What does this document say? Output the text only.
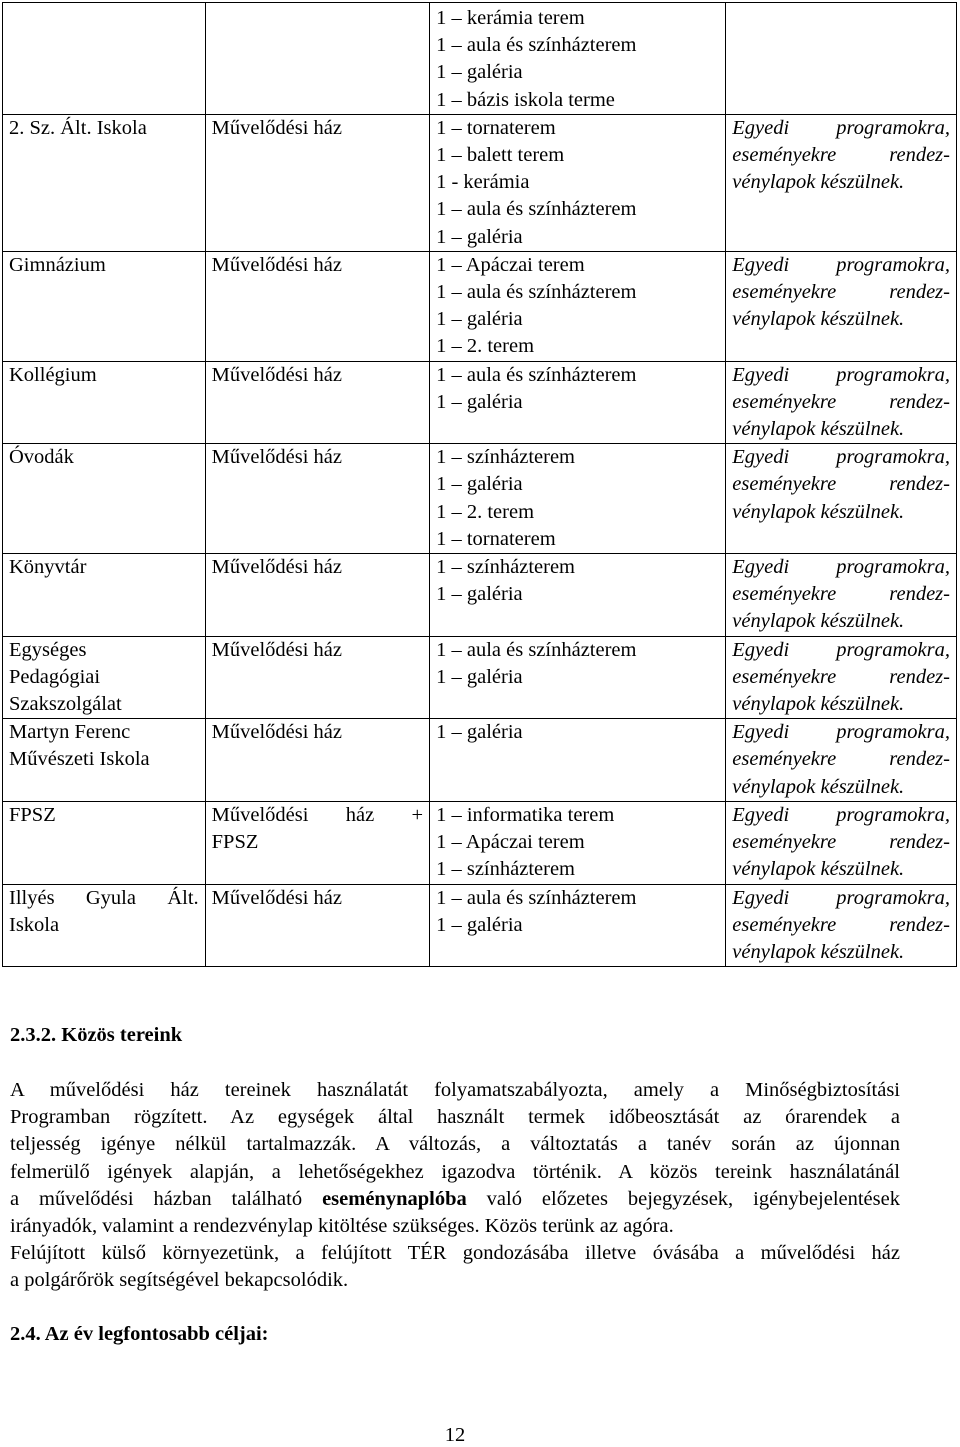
		1 – kerámia terem
1 – aula és színházterem
1 – galéria
1 – bázis iskola terme	

2. Sz. Ált. Iskola	Művelődési ház	1 – tornaterem
1 – balett terem
1 - kerámia
1 – aula és színházterem
1 – galéria	Egyedi programokra,
eseményekre rendez-
vénylapok készülnek.

Gimnázium	Művelődési ház	1 – Apáczai terem
1 – aula és színházterem
1 – galéria
1 – 2. terem	Egyedi programokra,
eseményekre rendez-
vénylapok készülnek.

Kollégium	Művelődési ház	1 – aula és színházterem
1 – galéria	Egyedi programokra,
eseményekre rendez-
vénylapok készülnek.

Óvodák	Művelődési ház	1 – színházterem
1 – galéria
1 – 2. terem
1 – tornaterem	Egyedi programokra,
eseményekre rendez-
vénylapok készülnek.

Könyvtár	Művelődési ház	1 – színházterem
1 – galéria	Egyedi programokra,
eseményekre rendez-
vénylapok készülnek.

Egységes
Pedagógiai
Szakszolgálat	Művelődési ház	1 – aula és színházterem
1 – galéria	Egyedi programokra,
eseményekre rendez-
vénylapok készülnek.

Martyn Ferenc
Művészeti Iskola	Művelődési ház	1 – galéria	Egyedi programokra,
eseményekre rendez-
vénylapok készülnek.

FPSZ	Művelődési ház +
FPSZ	1 – informatika terem
1 – Apáczai terem
1 – színházterem	Egyedi programokra,
eseményekre rendez-
vénylapok készülnek.

Illyés Gyula Ált.
Iskola	Művelődési ház	1 – aula és színházterem
1 – galéria	Egyedi programokra,
eseményekre rendez-
vénylapok készülnek.
2.3.2. Közös tereink
A művelődési ház tereinek használatát folyamatszabályozta, amely a Minőségbiztosítási
Programban rögzített. Az egységek által használt termek időbeosztását az órarendek a
teljesség igénye nélkül tartalmazzák. A változás, a változtatás a tanév során az újonnan
felmerülő igények alapján, a lehetőségekhez igazodva történik. A közös tereink használatánál
a művelődési házban található eseménynaplóba való előzetes bejegyzések, igénybejelentések
irányadók, valamint a rendezvénylap kitöltése szükséges. Közös terünk az agóra.
Felújított külső környezetünk, a felújított TÉR gondozásába illetve óvásába a művelődési ház
a polgárőrök segítségével bekapcsolódik.
2.4. Az év legfontosabb céljai:
12
